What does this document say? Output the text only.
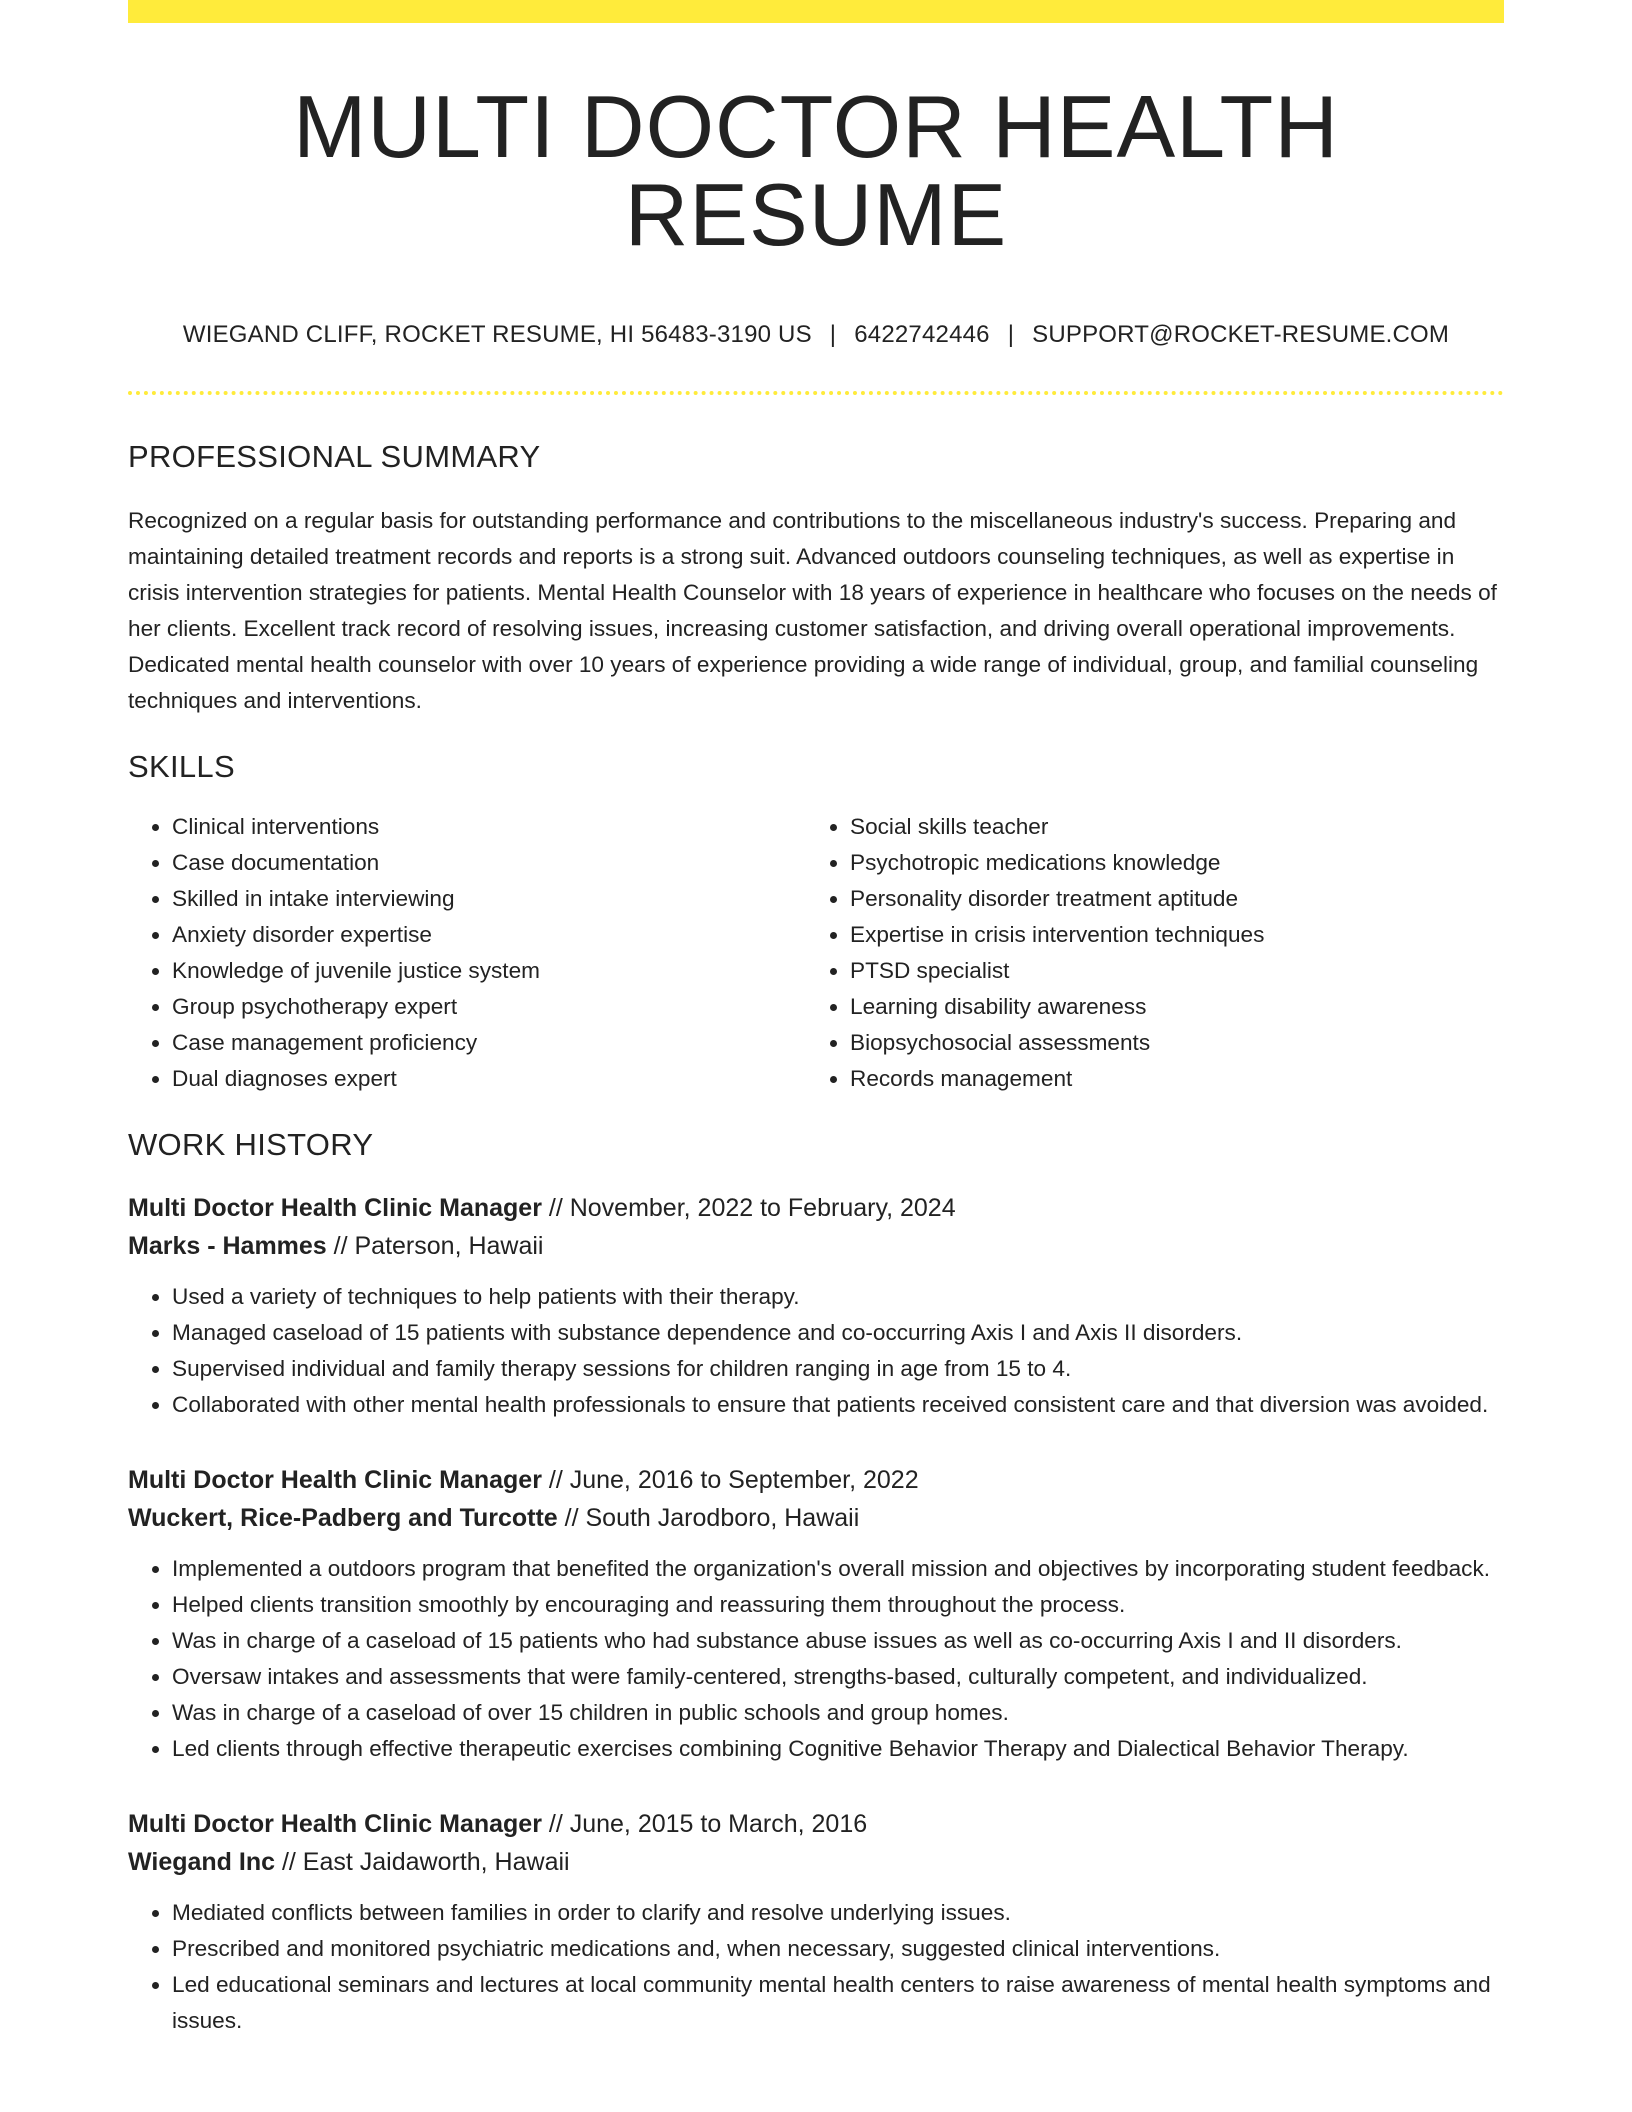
MULTI DOCTOR HEALTH RESUME
WIEGAND CLIFF, ROCKET RESUME, HI 56483-3190 US | 6422742446 | SUPPORT@ROCKET-RESUME.COM
PROFESSIONAL SUMMARY
Recognized on a regular basis for outstanding performance and contributions to the miscellaneous industry's success. Preparing and maintaining detailed treatment records and reports is a strong suit. Advanced outdoors counseling techniques, as well as expertise in crisis intervention strategies for patients. Mental Health Counselor with 18 years of experience in healthcare who focuses on the needs of her clients. Excellent track record of resolving issues, increasing customer satisfaction, and driving overall operational improvements. Dedicated mental health counselor with over 10 years of experience providing a wide range of individual, group, and familial counseling techniques and interventions.
SKILLS
• Clinical interventions
• Case documentation
• Skilled in intake interviewing
• Anxiety disorder expertise
• Knowledge of juvenile justice system
• Group psychotherapy expert
• Case management proficiency
• Dual diagnoses expert
• Social skills teacher
• Psychotropic medications knowledge
• Personality disorder treatment aptitude
• Expertise in crisis intervention techniques
• PTSD specialist
• Learning disability awareness
• Biopsychosocial assessments
• Records management
WORK HISTORY
Multi Doctor Health Clinic Manager // November, 2022 to February, 2024
Marks - Hammes // Paterson, Hawaii
• Used a variety of techniques to help patients with their therapy.
• Managed caseload of 15 patients with substance dependence and co-occurring Axis I and Axis II disorders.
• Supervised individual and family therapy sessions for children ranging in age from 15 to 4.
• Collaborated with other mental health professionals to ensure that patients received consistent care and that diversion was avoided.
Multi Doctor Health Clinic Manager // June, 2016 to September, 2022
Wuckert, Rice-Padberg and Turcotte // South Jarodboro, Hawaii
• Implemented a outdoors program that benefited the organization's overall mission and objectives by incorporating student feedback.
• Helped clients transition smoothly by encouraging and reassuring them throughout the process.
• Was in charge of a caseload of 15 patients who had substance abuse issues as well as co-occurring Axis I and II disorders.
• Oversaw intakes and assessments that were family-centered, strengths-based, culturally competent, and individualized.
• Was in charge of a caseload of over 15 children in public schools and group homes.
• Led clients through effective therapeutic exercises combining Cognitive Behavior Therapy and Dialectical Behavior Therapy.
Multi Doctor Health Clinic Manager // June, 2015 to March, 2016
Wiegand Inc // East Jaidaworth, Hawaii
• Mediated conflicts between families in order to clarify and resolve underlying issues.
• Prescribed and monitored psychiatric medications and, when necessary, suggested clinical interventions.
• Led educational seminars and lectures at local community mental health centers to raise awareness of mental health symptoms and issues.
